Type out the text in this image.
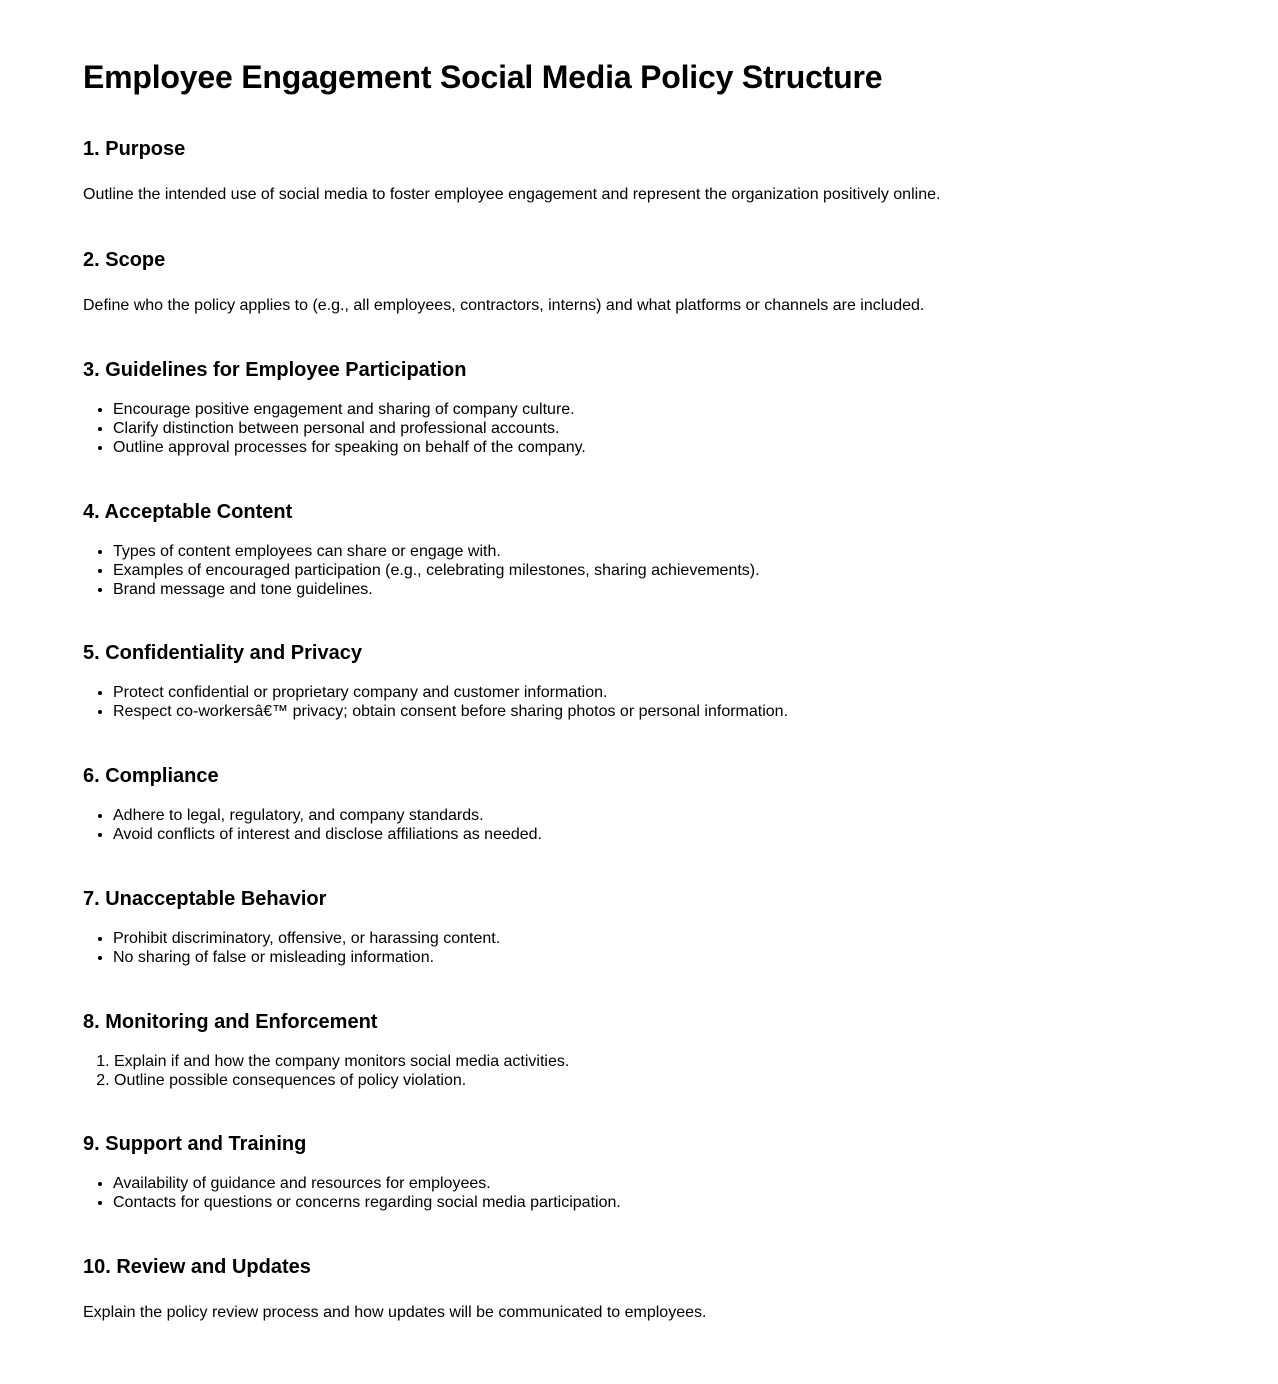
Employee Engagement Social Media Policy Structure
1. Purpose

Outline the intended use of social media to foster employee engagement and represent the organization positively online.

2. Scope

Define who the policy applies to (e.g., all employees, contractors, interns) and what platforms or channels are included.

3. Guidelines for Employee Participation
• Encourage positive engagement and sharing of company culture.
• Clarify distinction between personal and professional accounts.
• Outline approval processes for speaking on behalf of the company.
4. Acceptable Content
• Types of content employees can share or engage with.
• Examples of encouraged participation (e.g., celebrating milestones, sharing achievements).
• Brand message and tone guidelines.
5. Confidentiality and Privacy
• Protect confidential or proprietary company and customer information.
• Respect co-workersâ€™ privacy; obtain consent before sharing photos or personal information.
6. Compliance
• Adhere to legal, regulatory, and company standards.
• Avoid conflicts of interest and disclose affiliations as needed.
7. Unacceptable Behavior
• Prohibit discriminatory, offensive, or harassing content.
• No sharing of false or misleading information.
8. Monitoring and Enforcement
1. Explain if and how the company monitors social media activities.
2. Outline possible consequences of policy violation.
9. Support and Training
• Availability of guidance and resources for employees.
• Contacts for questions or concerns regarding social media participation.
10. Review and Updates

Explain the policy review process and how updates will be communicated to employees.
